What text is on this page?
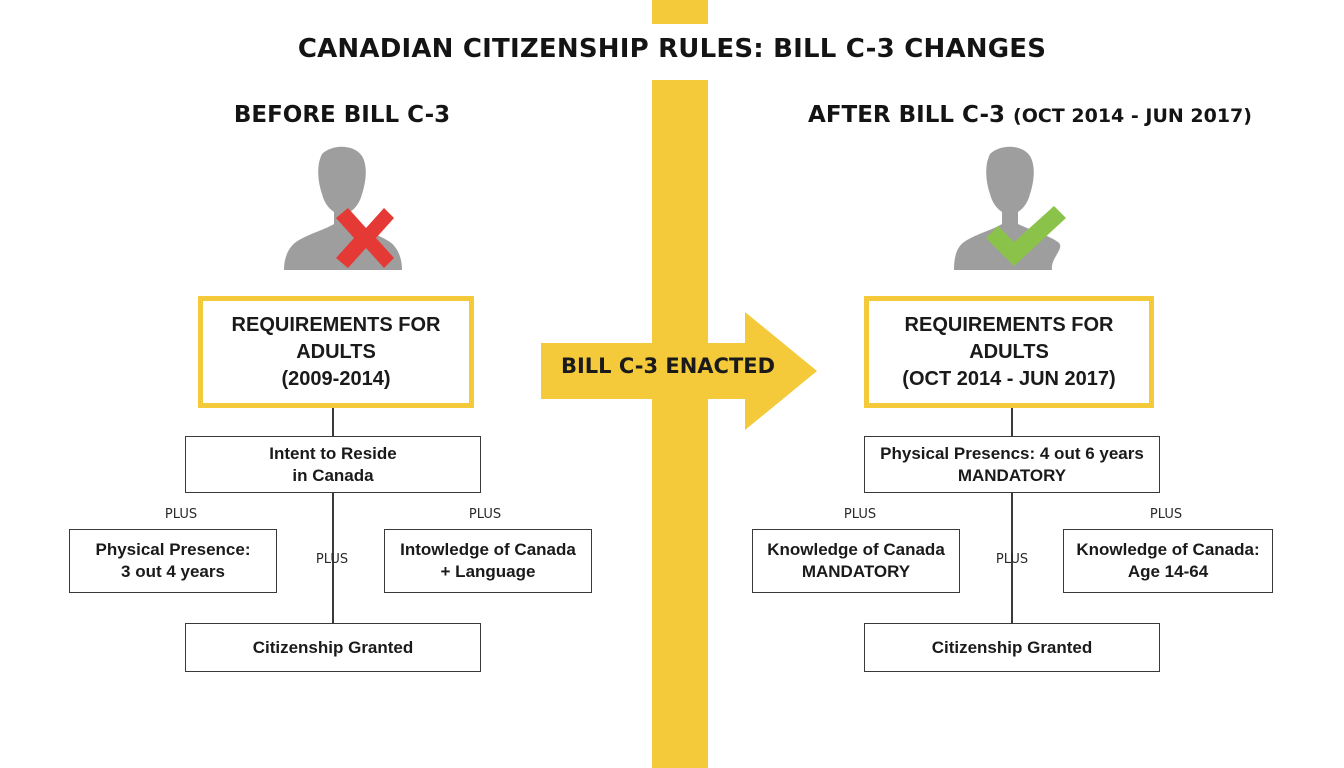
CANADIAN CITIZENSHIP RULES: BILL C-3 CHANGES
BEFORE BILL C-3	AFTER BILL C-3 (OCT 2014 - JUN 2017)
REQUIREMENTS FOR
ADULTS
(2009-2014)
REQUIREMENTS FOR ADULTS
(OCT 2014 - JUN 2017)
Intent to Reside
in Canada
PLUS	PLUS
PLUS
Physical Presence:
3 out 4 years
Intowledge of Canada
+ Language
Citizenship Granted
Physical Presencs: 4 out 6 years
MANDATORY
PLUS	PLUS
PLUS
Knowledge of Canada
MANDATORY
Knowledge of Canada:
Age 14-64
Citizenship Granted
BILL C-3 ENACTED
